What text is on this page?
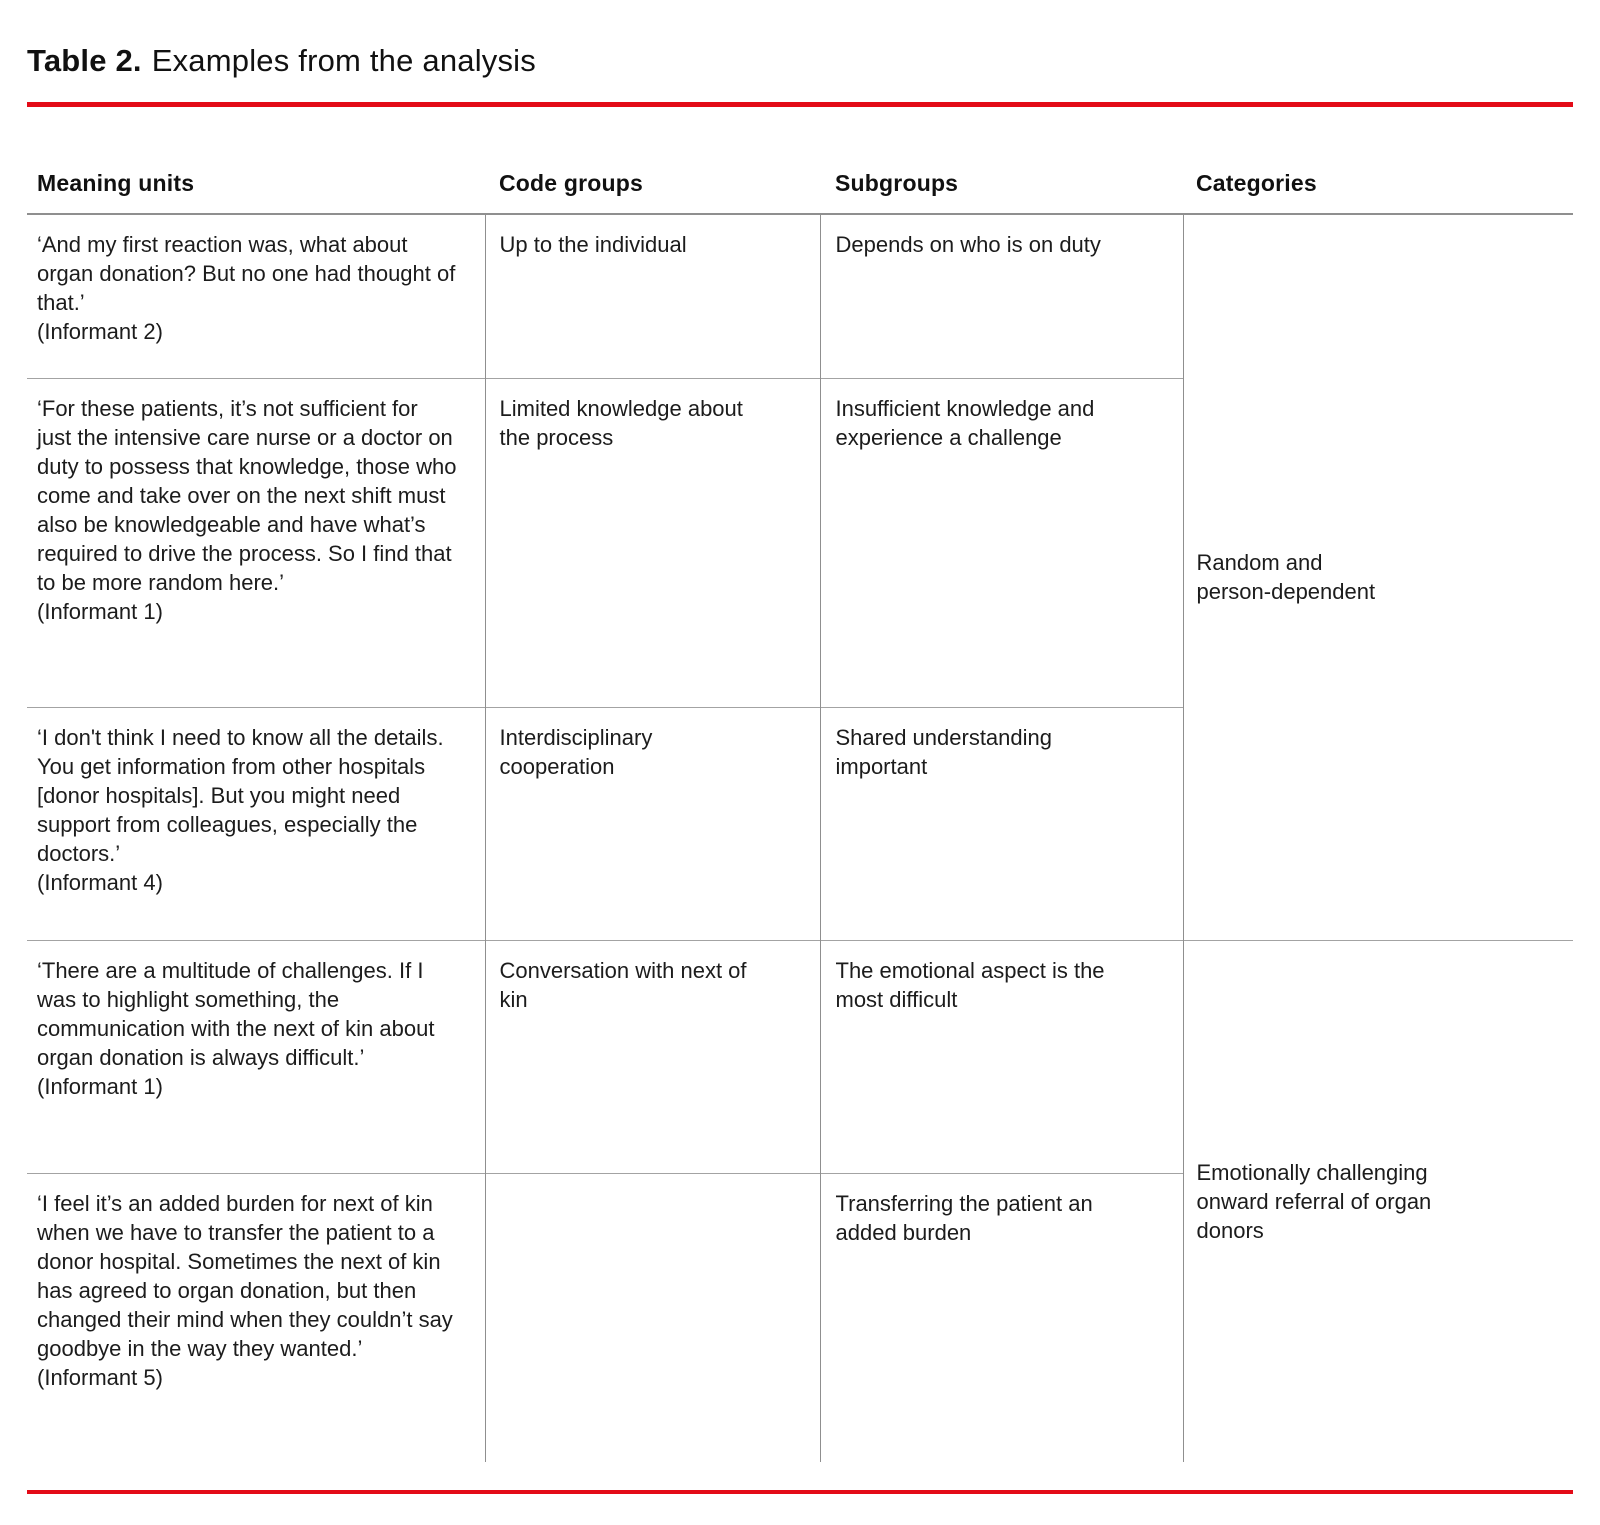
Table 2. Examples from the analysis
Meaning units	Code groups	Subgroups	Categories

‘And my first reaction was, what about organ donation? But no one had thought of that.’
(Informant 2)	Up to the individual	Depends on who is on duty	Random and person-dependent

‘For these patients, it’s not sufficient for just the intensive care nurse or a doctor on duty to possess that knowledge, those who come and take over on the next shift must also be knowledgeable and have what’s required to drive the process. So I find that to be more random here.’
(Informant 1)	Limited knowledge about the process	Insufficient knowledge and experience a challenge	

‘I don't think I need to know all the details. You get information from other hospitals [donor hospitals]. But you might need support from colleagues, especially the doctors.’
(Informant 4)	Interdisciplinary cooperation	Shared understanding important	

‘There are a multitude of challenges. If I was to highlight something, the communication with the next of kin about organ donation is always difficult.’
(Informant 1)	Conversation with next of kin	The emotional aspect is the most difficult	Emotionally challenging onward referral of organ donors

‘I feel it’s an added burden for next of kin when we have to transfer the patient to a donor hospital. Sometimes the next of kin has agreed to organ donation, but then changed their mind when they couldn’t say goodbye in the way they wanted.’
(Informant 5)		Transferring the patient an added burden	
